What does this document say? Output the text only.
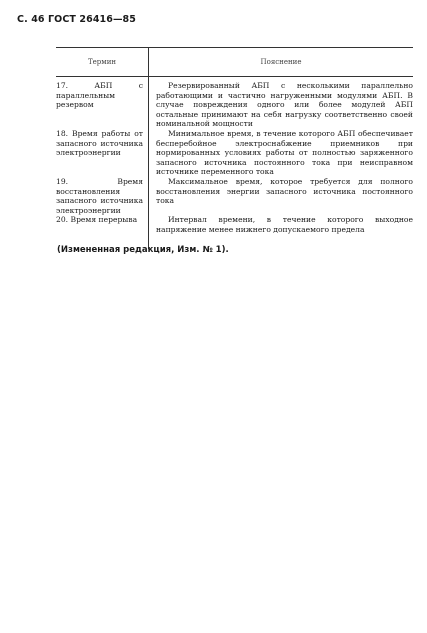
С. 46 ГОСТ 26416—85
Термин	Пояснение
17. АБП с параллельным резервом
Резервированный АБП с несколькими параллельно работающими и частично нагруженными модулями АБП. В случае повреждения одного или более модулей АБП остальные принимают на себя нагрузку соответственно своей номинальной мощности
18. Время работы от запасного источника электроэнергии
Минимальное время, в течение которого АБП обеспечивает бесперебойное электроснабжение приемников при нормированных условиях работы от полностью заряженного запасного источника постоянного тока при неисправном источнике переменного тока
19. Время восстановления запасного источника электроэнергии
Максимальное время, которое требуется для полного восстановления энергии запасного источника постоянного тока
20. Время перерыва	Интервал времени, в течение которого выходное напряжение менее нижнего допускаемого предела
(Измененная редакция, Изм. № 1).
